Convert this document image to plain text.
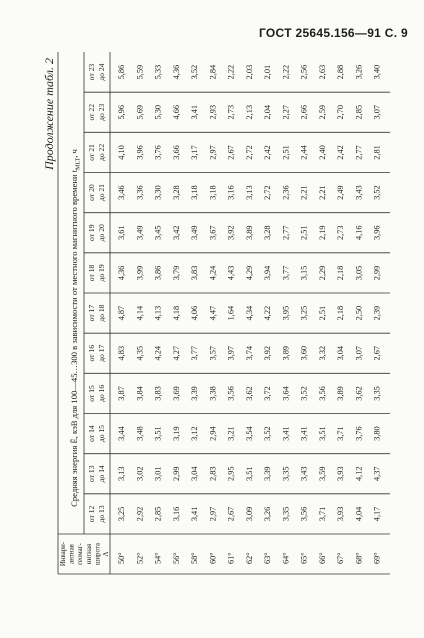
ГОСТ 25645.156—91 С. 9
Продолжение табл. 2
Средняя энергия Ē, кэВ для 100—45…300 в зависимости от местного магнитного времени $t_{MLT}$, ч
Инвари- антная геомаг- нитная широта Λ
от 12 до 13
от 13 до 14
от 14 до 15
от 15 до 16
от 16 до 17
от 17 до 18
от 18 до 19
от 19 до 20
от 20 до 21
от 21 до 22
от 22 до 23
от 23 до 24
50°
3,25
3,13
3,44
3,87
4,83
4,87
4,36
3,61
3,46
4,10
5,96
5,86
52°
2,92
3,02
3,48
3,84
4,35
4,14
3,99
3,49
3,36
3,96
5,69
5,59
54°
2,85
3,01
3,51
3,83
4,24
4,13
3,86
3,45
3,30
3,76
5,30
5,33
56°
3,16
2,99
3,19
3,69
4,27
4,18
3,79
3,42
3,28
3,66
4,66
4,36
58°
3,41
3,04
3,12
3,39
3,77
4,06
3,83
3,49
3,18
3,17
3,41
3,52
60°
2,97
2,83
2,94
3,38
3,57
4,47
4,24
3,67
3,18
2,97
2,93
2,84
61°
2,67
2,95
3,21
3,56
3,97
1,64
4,43
3,92
3,16
2,67
2,73
2,22
62°
3,09
3,51
3,54
3,62
3,74
4,34
4,29
3,89
3,13
2,72
2,13
2,03
63°
3,26
3,39
3,52
3,72
3,92
4,22
3,94
3,28
2,72
2,42
2,04
2,01
64°
3,35
3,35
3,41
3,64
3,89
3,95
3,77
2,77
2,36
2,51
2,27
2,22
65°
3,56
3,43
3,41
3,52
3,60
3,25
3,15
2,51
2,21
2,44
2,66
2,56
66°
3,71
3,59
3,51
3,56
3,32
2,51
2,29
2,19
2,21
2,40
2,59
2,63
67°
3,93
3,93
3,71
3,89
3,04
2,18
2,18
2,73
2,49
2,42
2,70
2,88
68°
4,04
4,12
3,76
3,62
3,07
2,50
3,05
4,16
3,43
2,77
2,85
3,26
69°
4,17
4,37
3,80
3,35
2,67
2,39
2,99
3,96
3,52
2,81
3,07
3,40
